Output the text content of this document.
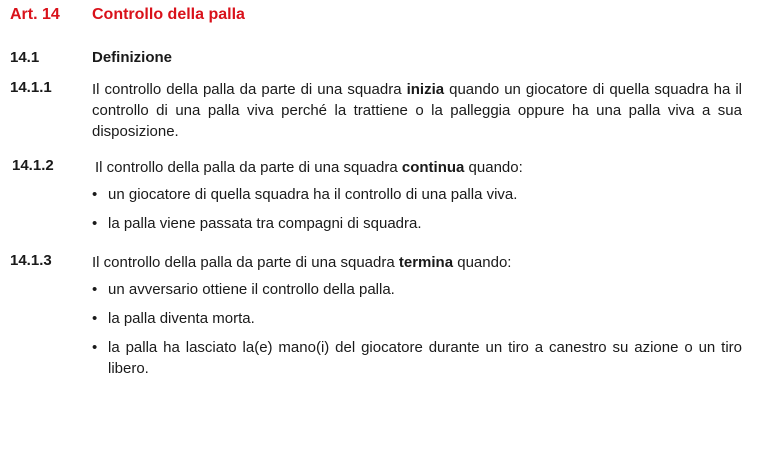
Art. 14 Controllo della palla
14.1	Definizione
14.1.1	Il controllo della palla da parte di una squadra inizia quando un giocatore di quella squadra ha il controllo di una palla viva perché la trattiene o la palleggia oppure ha una palla viva a sua disposizione.
14.1.2	Il controllo della palla da parte di una squadra continua quando:
• un giocatore di quella squadra ha il controllo di una palla viva.
• la palla viene passata tra compagni di squadra.
14.1.3	Il controllo della palla da parte di una squadra termina quando:
• un avversario ottiene il controllo della palla.
• la palla diventa morta.
• la palla ha lasciato la(e) mano(i) del giocatore durante un tiro a canestro su azione o un tiro libero.
